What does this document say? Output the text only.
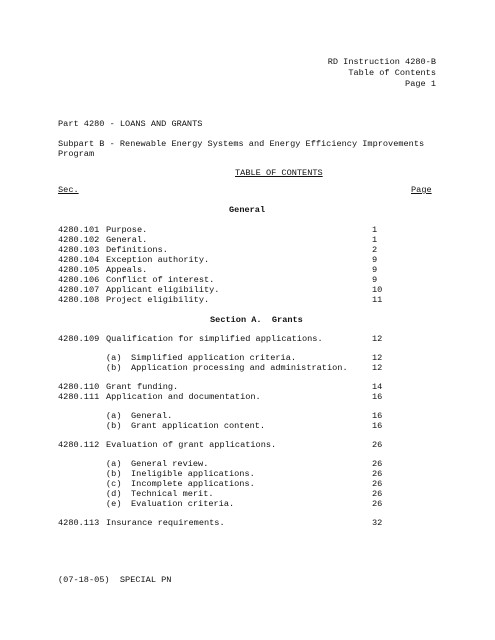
RD Instruction 4280-B
Table of Contents
Page 1
Part 4280 - LOANS AND GRANTS
Subpart B - Renewable Energy Systems and Energy Efficiency Improvements
Program
TABLE OF CONTENTS
Sec.	Page
General
4280.101 Purpose.	1
4280.102 General.	1
4280.103 Definitions.	2
4280.104 Exception authority.	9
4280.105 Appeals.	9
4280.106 Conflict of interest.	9
4280.107 Applicant eligibility.	10
4280.108 Project eligibility.	11
Section A.  Grants
4280.109 Qualification for simplified applications.	12
(a) Simplified application criteria.	12
(b) Application processing and administration.	12
4280.110 Grant funding.	14
4280.111 Application and documentation.	16
(a) General.	16
(b) Grant application content.	16
4280.112 Evaluation of grant applications.	26
(a) General review.	26
(b) Ineligible applications.	26
(c) Incomplete applications.	26
(d) Technical merit.	26
(e) Evaluation criteria.	26
4280.113 Insurance requirements.	32
(07-18-05)  SPECIAL PN
